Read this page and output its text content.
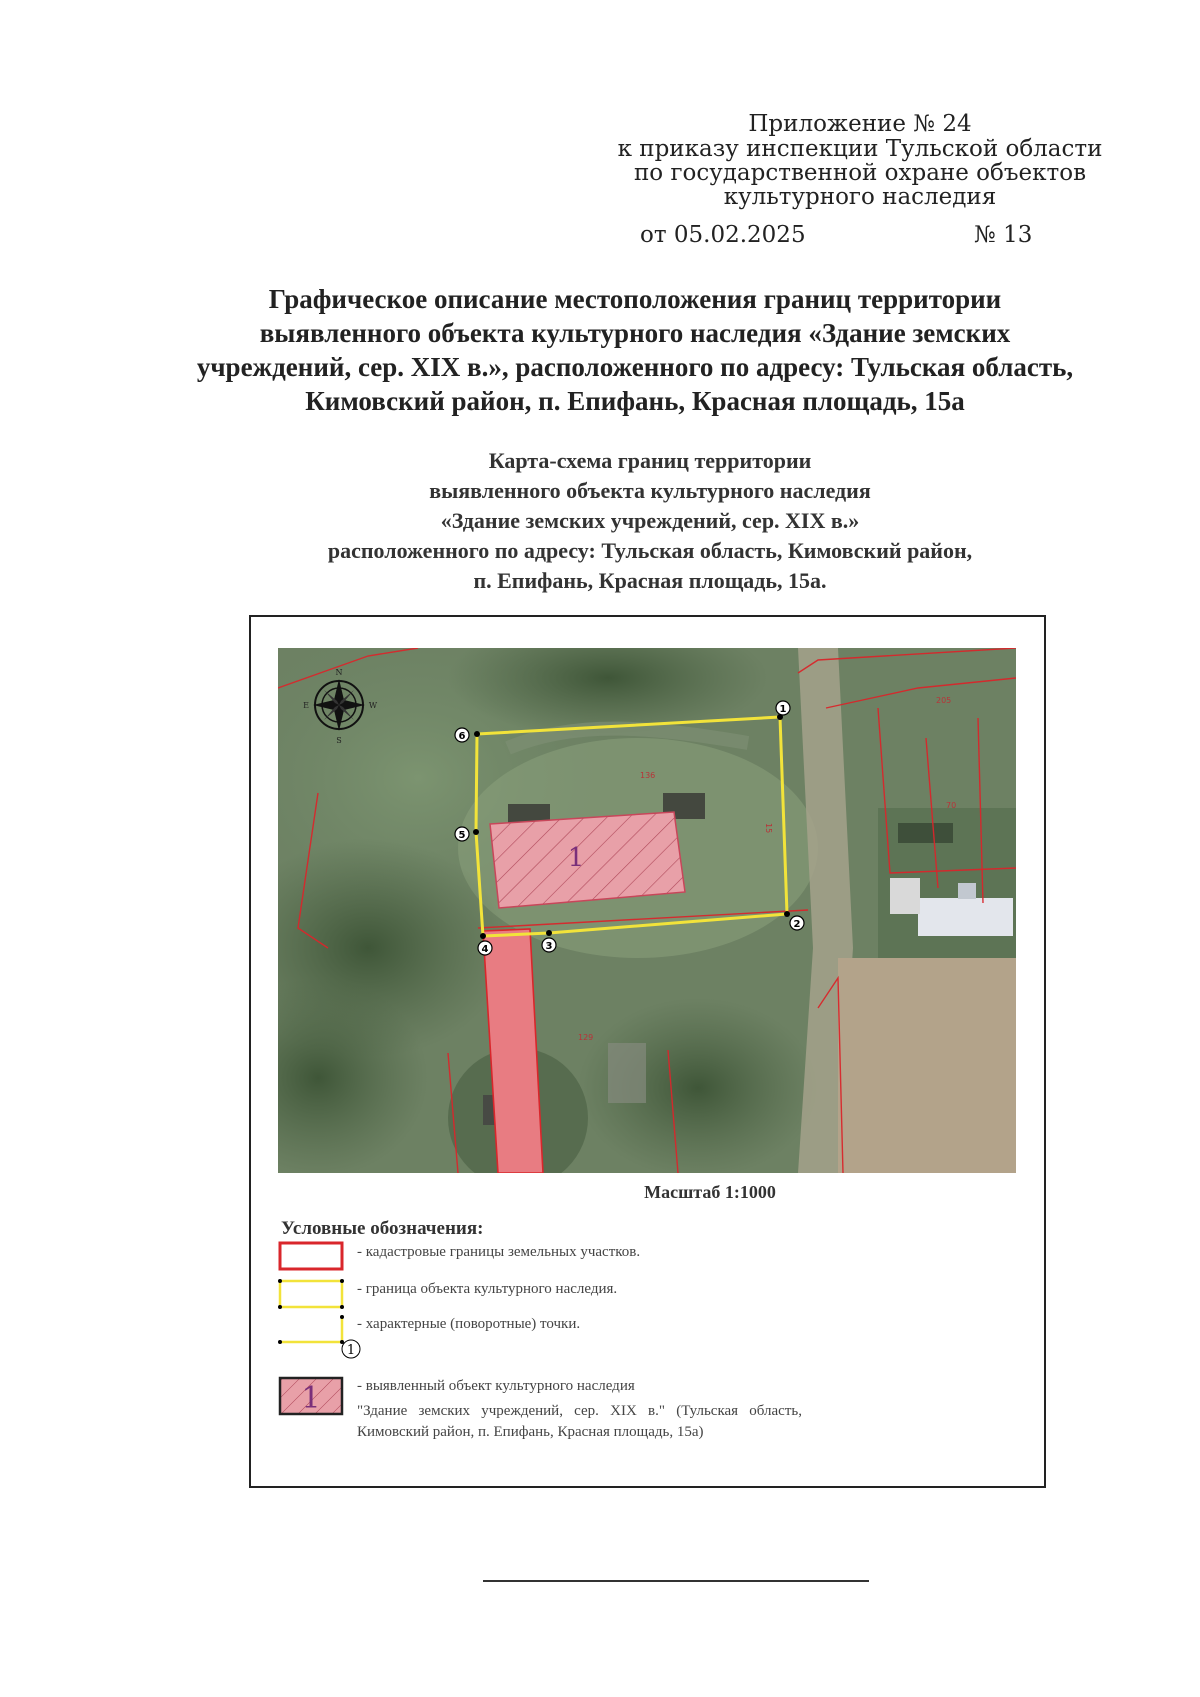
Приложение № 24
к приказу инспекции Тульской области
по государственной охране объектов
культурного наследия
от 05.02.2025	№ 13
Графическое описание местоположения границ территории
выявленного объекта культурного наследия «Здание земских
учреждений, сер. XIX в.», расположенного по адресу: Тульская область,
Кимовский район, п. Епифань, Красная площадь, 15а
Карта-схема границ территории
выявленного объекта культурного наследия
«Здание земских учреждений, сер. XIX в.»
расположенного по адресу: Тульская область, Кимовский район,
п. Епифань, Красная площадь, 15а.
136
205
70
129
1
15
1
2
3
4
5
6
N
S
E	W
Масштаб 1:1000
Условные обозначения:
1
1
- кадастровые границы земельных участков.
- граница объекта культурного наследия.
- характерные (поворотные) точки.
- выявленный объект культурного наследия
"Здание земских учреждений, сер. XIX в." (Тульская область, Кимовский район, п. Епифань, Красная площадь, 15а)
